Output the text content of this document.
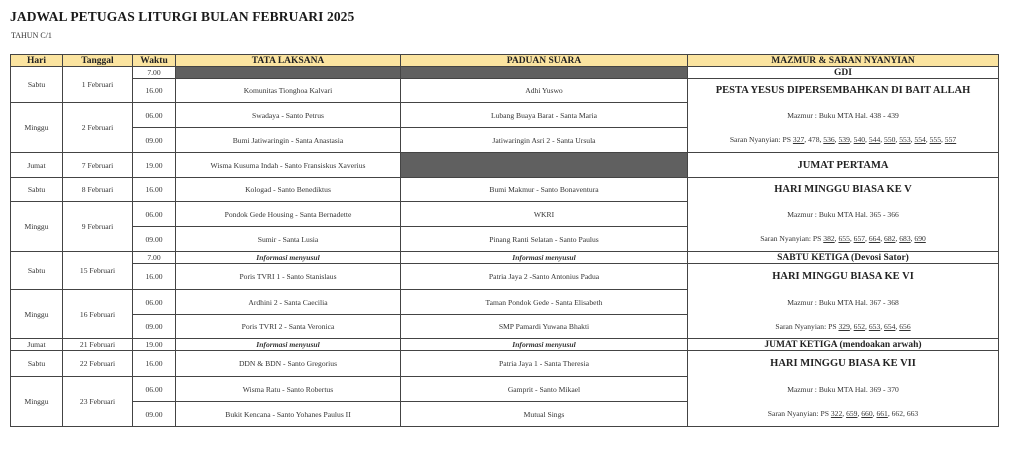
JADWAL PETUGAS LITURGI BULAN FEBRUARI 2025
TAHUN C/1
Hari	Tanggal	Waktu	TATA LAKSANA	PADUAN SUARA	MAZMUR & SARAN NYANYIAN
Sabtu	1 Februari	7.00			GDI
		16.00	Komunitas Tionghoa Kalvari	Adhi Yuswo	PESTA YESUS DIPERSEMBAHKAN DI BAIT ALLAH
Minggu	2 Februari	06.00	Swadaya - Santo Petrus	Lubang Buaya Barat - Santa Maria	Mazmur : Buku MTA Hal. 438 - 439
		09.00	Bumi Jatiwaringin - Santa Anastasia	Jatiwaringin Asri 2 - Santa Ursula	Saran Nyanyian: PS 327, 478, 536, 539, 540, 544, 550, 553, 554, 555, 557
Jumat	7 Februari	19.00	Wisma Kusuma Indah - Santo Fransiskus Xaverius		JUMAT PERTAMA
Sabtu	8 Februari	16.00	Kologad - Santo Benediktus	Bumi Makmur - Santo Bonaventura	HARI MINGGU BIASA KE V
Minggu	9 Februari	06.00	Pondok Gede Housing - Santa Bernadette	WKRI	Mazmur : Buku MTA Hal. 365 - 366
		09.00	Sumir - Santa Lusia	Pinang Ranti Selatan - Santo Paulus	Saran Nyanyian: PS 382, 655, 657, 664, 682, 683, 690
Sabtu	15 Februari	7.00	Informasi menyusul	Informasi menyusul	SABTU KETIGA (Devosi Sator)
		16.00	Poris TVRI 1 - Santo Stanislaus	Patria Jaya 2 -Santo Antonius Padua	HARI MINGGU BIASA KE VI
Minggu	16 Februari	06.00	Ardhini 2 - Santa Caecilia	Taman Pondok Gede - Santa Elisabeth	Mazmur : Buku MTA Hal. 367 - 368
		09.00	Poris TVRI 2 - Santa Veronica	SMP Pamardi Yuwana Bhakti	Saran Nyanyian: PS 329, 652, 653, 654, 656
Jumat	21 Februari	19.00	Informasi menyusul	Informasi menyusul	JUMAT KETIGA (mendoakan arwah)
Sabtu	22 Februari	16.00	DDN & BDN - Santo Gregorius	Patria Jaya 1 - Santa Theresia	HARI MINGGU BIASA KE VII
Minggu	23 Februari	06.00	Wisma Ratu - Santo Robertus	Gamprit - Santo Mikael	Mazmur : Buku MTA Hal. 369 - 370
		09.00	Bukit Kencana - Santo Yohanes Paulus II	Mutual Sings	Saran Nyanyian: PS 322, 659, 660, 661, 662, 663
